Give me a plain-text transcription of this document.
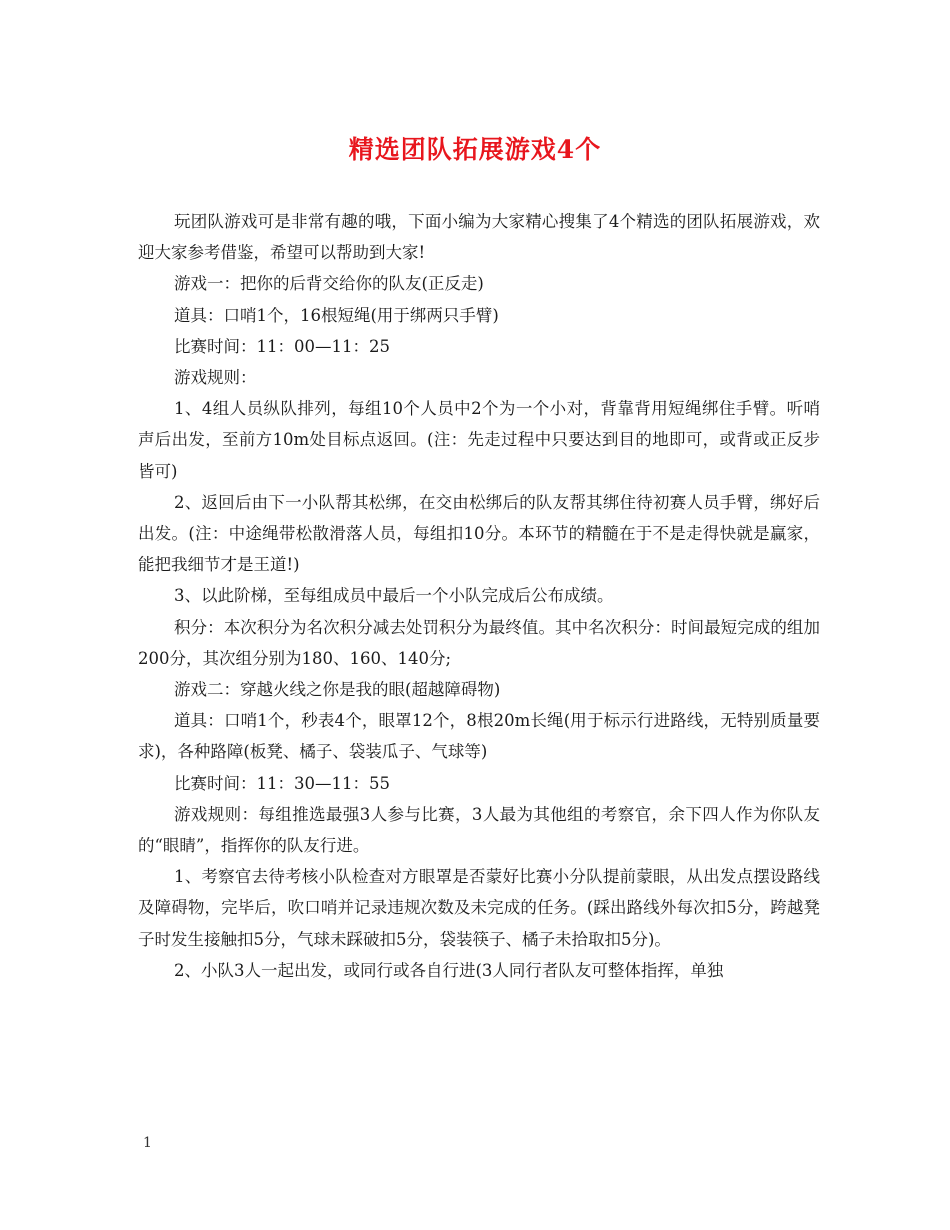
精选团队拓展游戏4个

玩团队游戏可是非常有趣的哦，下面小编为大家精心搜集了4个精选的团队拓展游戏，欢迎大家参考借鉴，希望可以帮助到大家!

游戏一：把你的后背交给你的队友(正反走)

道具：口哨1个，16根短绳(用于绑两只手臂)

比赛时间：11：00—11：25

游戏规则：

1、4组人员纵队排列，每组10个人员中2个为一个小对，背靠背用短绳绑住手臂。听哨声后出发，至前方10m处目标点返回。(注：先走过程中只要达到目的地即可，或背或正反步皆可)

2、返回后由下一小队帮其松绑，在交由松绑后的队友帮其绑住待初赛人员手臂，绑好后出发。(注：中途绳带松散滑落人员，每组扣10分。本环节的精髓在于不是走得快就是赢家，能把我细节才是王道!)

3、以此阶梯，至每组成员中最后一个小队完成后公布成绩。

积分：本次积分为名次积分减去处罚积分为最终值。其中名次积分：时间最短完成的组加200分，其次组分别为180、160、140分;

游戏二：穿越火线之你是我的眼(超越障碍物)

道具：口哨1个，秒表4个，眼罩12个，8根20m长绳(用于标示行进路线，无特别质量要求)，各种路障(板凳、橘子、袋装瓜子、气球等)

比赛时间：11：30—11：55

游戏规则：每组推选最强3人参与比赛，3人最为其他组的考察官，余下四人作为你队友的“眼睛”，指挥你的队友行进。

1、考察官去待考核小队检查对方眼罩是否蒙好比赛小分队提前蒙眼，从出发点摆设路线及障碍物，完毕后，吹口哨并记录违规次数及未完成的任务。(踩出路线外每次扣5分，跨越凳子时发生接触扣5分，气球未踩破扣5分，袋装筷子、橘子未拾取扣5分)。

2、小队3人一起出发，或同行或各自行进(3人同行者队友可整体指挥，单独

1
